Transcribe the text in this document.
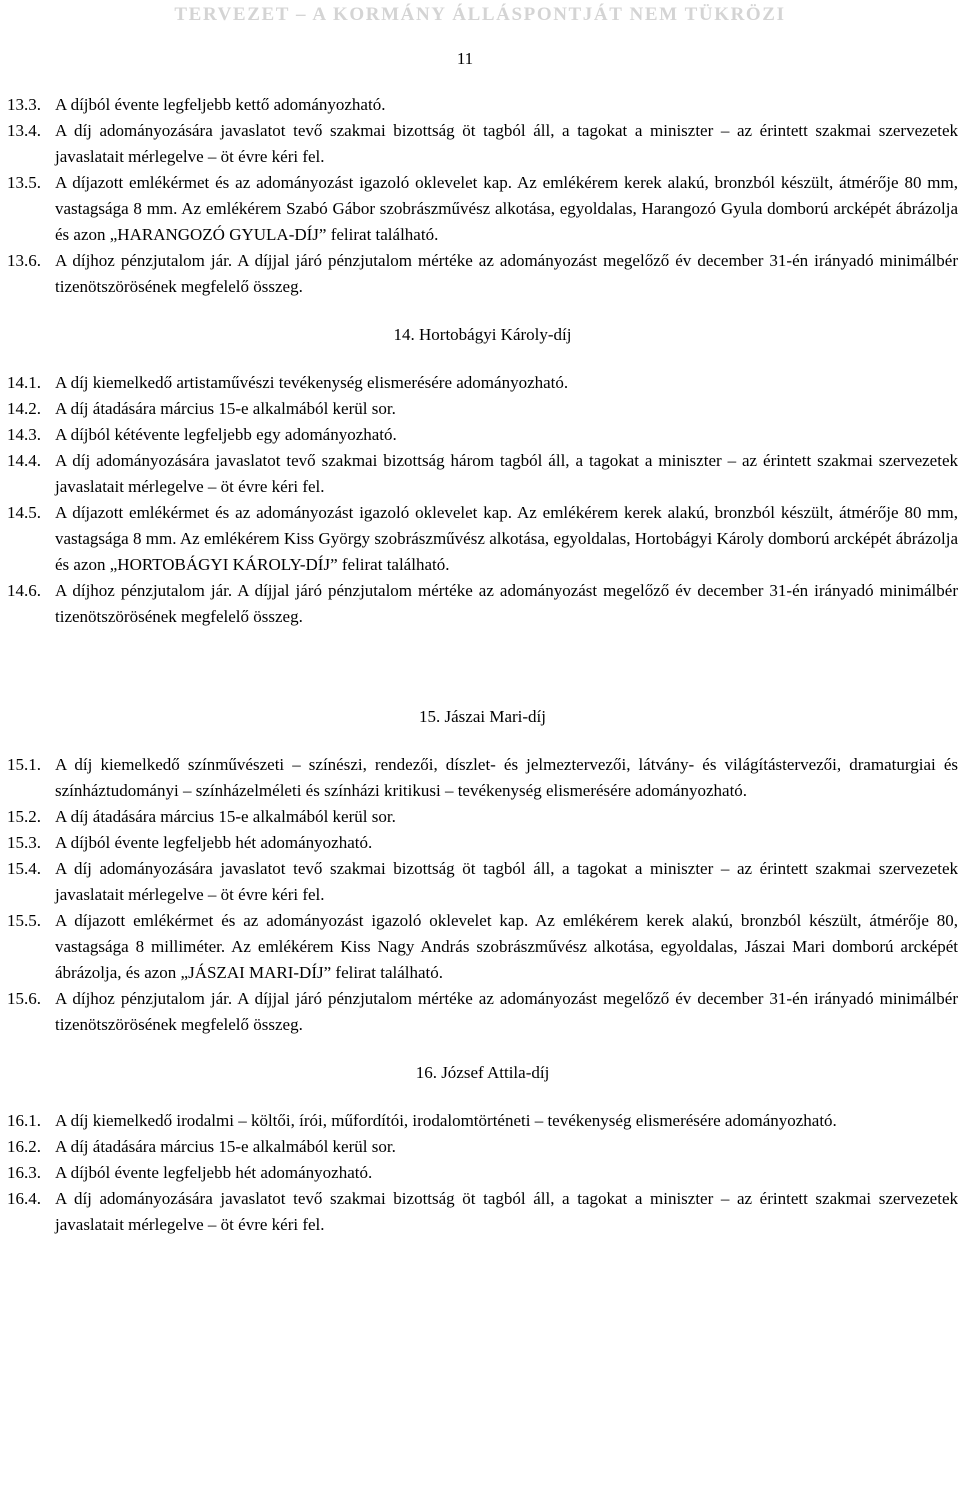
TERVEZET – A KORMÁNY ÁLLÁSPONTJÁT NEM TÜKRÖZI
11
13.3. A díjból évente legfeljebb kettő adományozható.
13.4. A díj adományozására javaslatot tevő szakmai bizottság öt tagból áll, a tagokat a miniszter – az érintett szakmai szervezetek javaslatait mérlegelve – öt évre kéri fel.
13.5. A díjazott emlékérmet és az adományozást igazoló oklevelet kap. Az emlékérem kerek alakú, bronzból készült, átmérője 80 mm, vastagsága 8 mm. Az emlékérem Szabó Gábor szobrászművész alkotása, egyoldalas, Harangozó Gyula domború arcképét ábrázolja és azon „HARANGOZÓ GYULA-DÍJ” felirat található.
13.6. A díjhoz pénzjutalom jár. A díjjal járó pénzjutalom mértéke az adományozást megelőző év december 31-én irányadó minimálbér tizenötszörösének megfelelő összeg.
14. Hortobágyi Károly-díj
14.1. A díj kiemelkedő artistaművészi tevékenység elismerésére adományozható.
14.2. A díj átadására március 15-e alkalmából kerül sor.
14.3. A díjból kétévente legfeljebb egy adományozható.
14.4. A díj adományozására javaslatot tevő szakmai bizottság három tagból áll, a tagokat a miniszter – az érintett szakmai szervezetek javaslatait mérlegelve – öt évre kéri fel.
14.5. A díjazott emlékérmet és az adományozást igazoló oklevelet kap. Az emlékérem kerek alakú, bronzból készült, átmérője 80 mm, vastagsága 8 mm. Az emlékérem Kiss György szobrászművész alkotása, egyoldalas, Hortobágyi Károly domború arcképét ábrázolja és azon „HORTOBÁGYI KÁROLY-DÍJ” felirat található.
14.6. A díjhoz pénzjutalom jár. A díjjal járó pénzjutalom mértéke az adományozást megelőző év december 31-én irányadó minimálbér tizenötszörösének megfelelő összeg.
15. Jászai Mari-díj
15.1. A díj kiemelkedő színművészeti – színészi, rendezői, díszlet- és jelmeztervezői, látvány- és világítástervezői, dramaturgiai és színháztudományi – színházelméleti és színházi kritikusi – tevékenység elismerésére adományozható.
15.2. A díj átadására március 15-e alkalmából kerül sor.
15.3. A díjból évente legfeljebb hét adományozható.
15.4. A díj adományozására javaslatot tevő szakmai bizottság öt tagból áll, a tagokat a miniszter – az érintett szakmai szervezetek javaslatait mérlegelve – öt évre kéri fel.
15.5. A díjazott emlékérmet és az adományozást igazoló oklevelet kap. Az emlékérem kerek alakú, bronzból készült, átmérője 80, vastagsága 8 milliméter. Az emlékérem Kiss Nagy András szobrászművész alkotása, egyoldalas, Jászai Mari domború arcképét ábrázolja, és azon „JÁSZAI MARI-DÍJ” felirat található.
15.6. A díjhoz pénzjutalom jár. A díjjal járó pénzjutalom mértéke az adományozást megelőző év december 31-én irányadó minimálbér tizenötszörösének megfelelő összeg.
16. József Attila-díj
16.1. A díj kiemelkedő irodalmi – költői, írói, műfordítói, irodalomtörténeti – tevékenység elismerésére adományozható.
16.2. A díj átadására március 15-e alkalmából kerül sor.
16.3. A díjból évente legfeljebb hét adományozható.
16.4. A díj adományozására javaslatot tevő szakmai bizottság öt tagból áll, a tagokat a miniszter – az érintett szakmai szervezetek javaslatait mérlegelve – öt évre kéri fel.
